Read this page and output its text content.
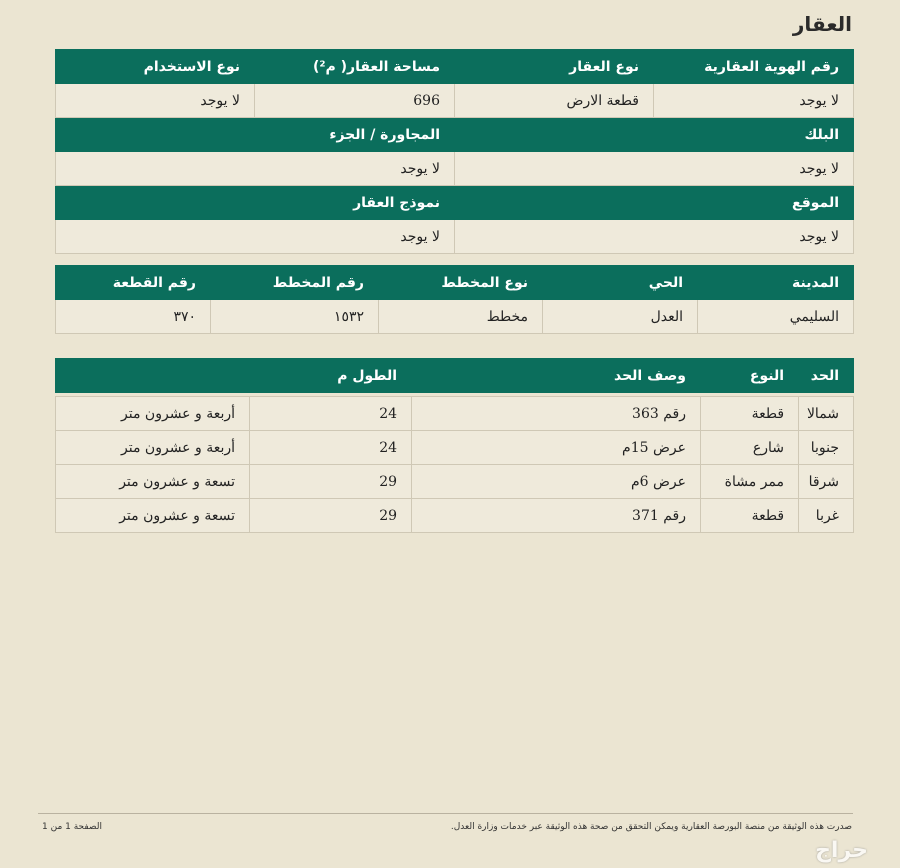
العقار
رقم الهوية العقارية	نوع العقار	مساحة العقار( م²)	نوع الاستخدام
لا يوجد	قطعة الارض	696	لا يوجد
البلك		المجاورة / الجزء	
لا يوجد		لا يوجد	
الموقع		نموذج العقار	
لا يوجد		لا يوجد	
المدينة	الحي	نوع المخطط	رقم المخطط	رقم القطعة
السليمي	العدل	مخطط	١٥٣٢	٣٧٠
الحد	النوع	وصف الحد	الطول م	

شمالا	قطعة	رقم 363	24	أربعة و عشرون متر
جنوبا	شارع	عرض 15م	24	أربعة و عشرون متر
شرقا	ممر مشاة	عرض 6م	29	تسعة و عشرون متر
غربا	قطعة	رقم 371	29	تسعة و عشرون متر
صدرت هذه الوثيقة من منصة البورصة العقارية ويمكن التحقق من صحة هذه الوثيقة عبر خدمات وزارة العدل.
الصفحة 1 من 1
حراج
